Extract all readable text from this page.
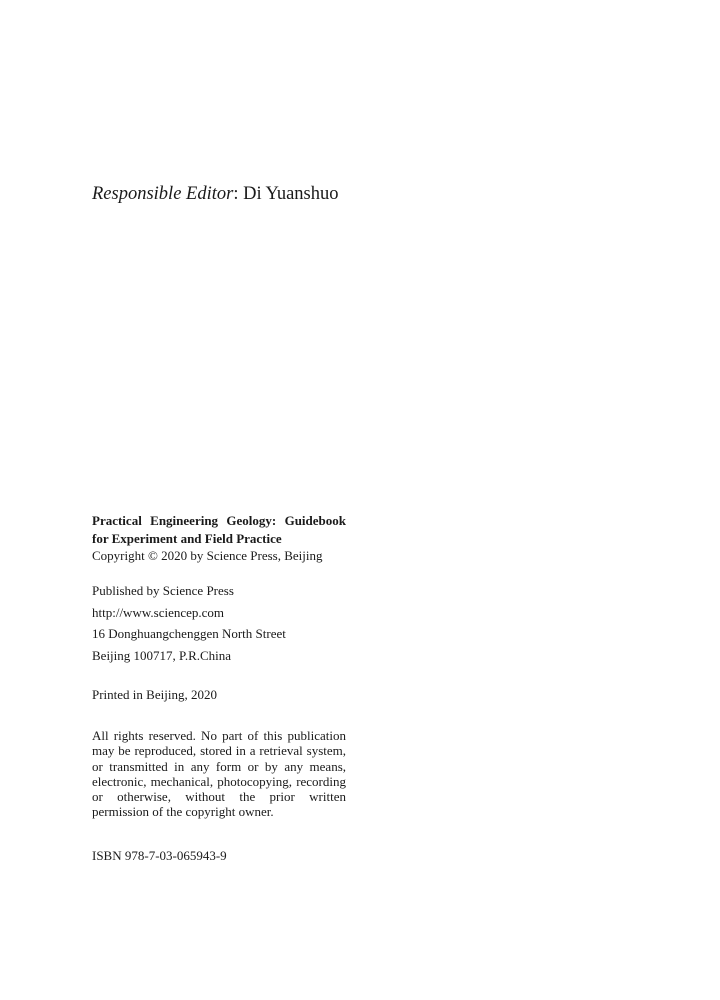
Responsible Editor: Di Yuanshuo
Practical Engineering Geology: Guidebook
for Experiment and Field Practice
Copyright © 2020 by Science Press, Beijing
Published by Science Press
http://www.sciencep.com
16 Donghuangchenggen North Street
Beijing 100717, P.R.China
Printed in Beijing, 2020
All rights reserved. No part of this publication may be reproduced, stored in a retrieval system, or transmitted in any form or by any means, electronic, mechanical, photocopying, recording or otherwise, without the prior written permission of the copyright owner.
ISBN 978-7-03-065943-9
